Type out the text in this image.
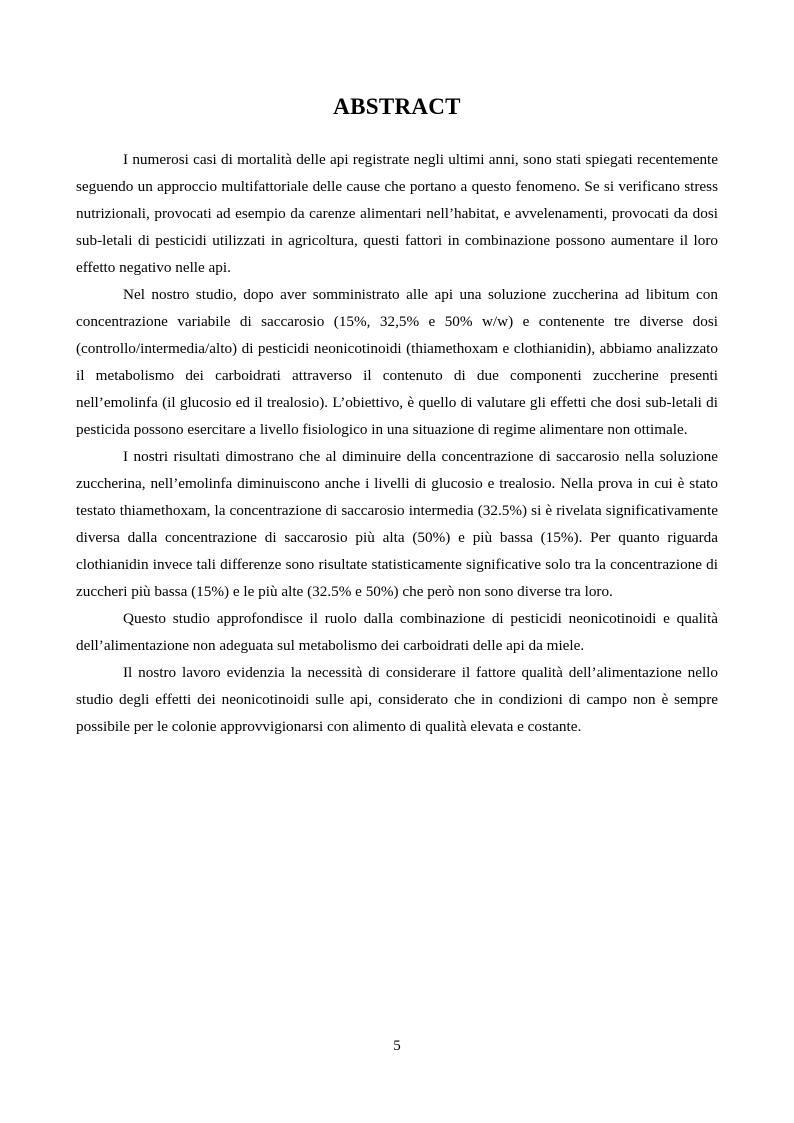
ABSTRACT

I numerosi casi di mortalità delle api registrate negli ultimi anni, sono stati spiegati recentemente seguendo un approccio multifattoriale delle cause che portano a questo fenomeno. Se si verificano stress nutrizionali, provocati ad esempio da carenze alimentari nell’habitat, e avvelenamenti, provocati da dosi sub-letali di pesticidi utilizzati in agricoltura, questi fattori in combinazione possono aumentare il loro effetto negativo nelle api.

Nel nostro studio, dopo aver somministrato alle api una soluzione zuccherina ad libitum con concentrazione variabile di saccarosio (15%, 32,5% e 50% w/w) e contenente tre diverse dosi (controllo/intermedia/alto) di pesticidi neonicotinoidi (thiamethoxam e clothianidin), abbiamo analizzato il metabolismo dei carboidrati attraverso il contenuto di due componenti zuccherine presenti nell’emolinfa (il glucosio ed il trealosio). L’obiettivo, è quello di valutare gli effetti che dosi sub-letali di pesticida possono esercitare a livello fisiologico in una situazione di regime alimentare non ottimale.

I nostri risultati dimostrano che al diminuire della concentrazione di saccarosio nella soluzione zuccherina, nell’emolinfa diminuiscono anche i livelli di glucosio e trealosio. Nella prova in cui è stato testato thiamethoxam, la concentrazione di saccarosio intermedia (32.5%) si è rivelata significativamente diversa dalla concentrazione di saccarosio più alta (50%) e più bassa (15%). Per quanto riguarda clothianidin invece tali differenze sono risultate statisticamente significative solo tra la concentrazione di zuccheri più bassa (15%) e le più alte (32.5% e 50%) che però non sono diverse tra loro.

Questo studio approfondisce il ruolo dalla combinazione di pesticidi neonicotinoidi e qualità dell’alimentazione non adeguata sul metabolismo dei carboidrati delle api da miele.

Il nostro lavoro evidenzia la necessità di considerare il fattore qualità dell’alimentazione nello studio degli effetti dei neonicotinoidi sulle api, considerato che in condizioni di campo non è sempre possibile per le colonie approvvigionarsi con alimento di qualità elevata e costante.

5
